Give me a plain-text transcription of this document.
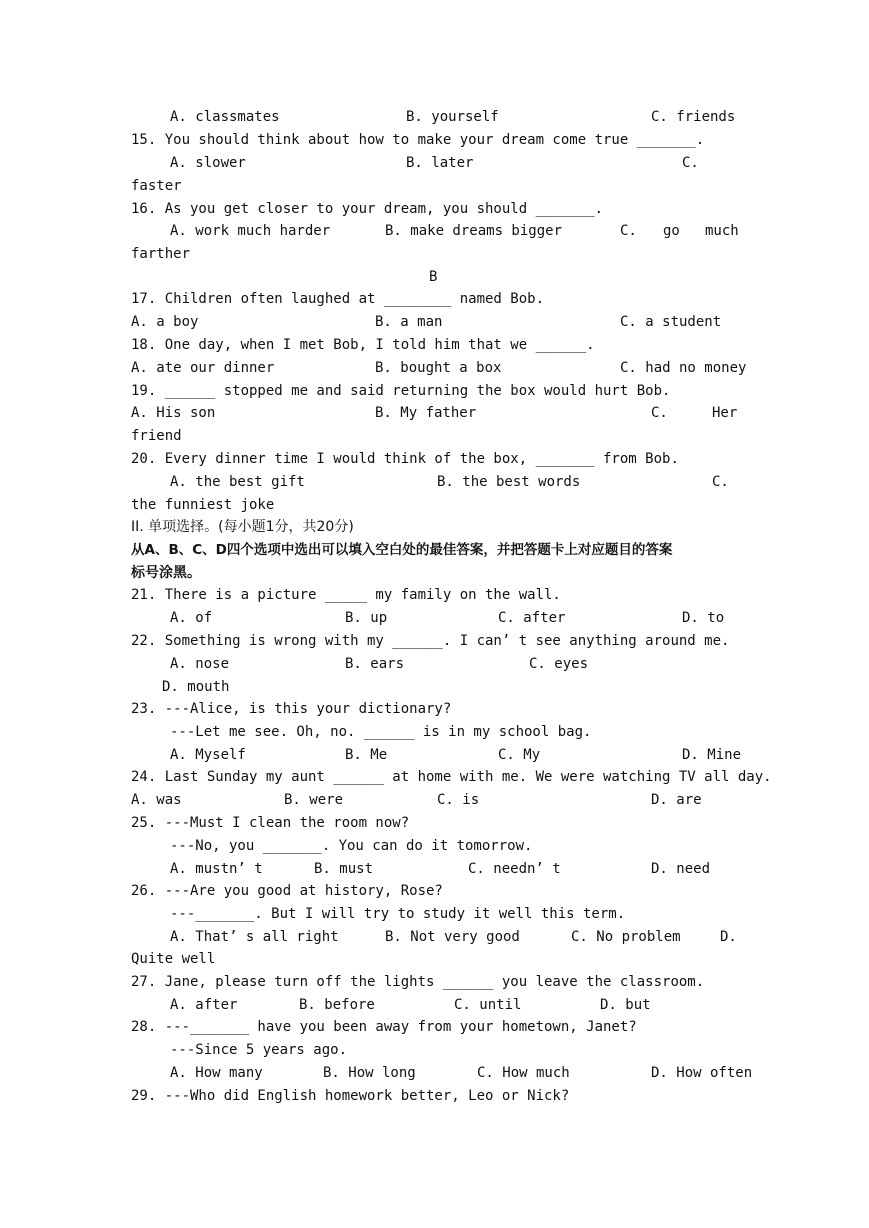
A. classmates	B. yourself	C. friends
15. You should think about how to make your dream come true _______.
A. slower	B. later	C.
faster
16. As you get closer to your dream, you should _______.
A. work much harder	B. make dreams bigger	C. go much
farther
B
17. Children often laughed at ________ named Bob.
A. a boy	B. a man	C. a student
18. One day, when I met Bob, I told him that we ______.
A. ate our dinner	B. bought a box	C. had no money
19. ______ stopped me and said returning the box would hurt Bob.
A. His son	B. My father	C.	Her
friend
20. Every dinner time I would think of the box, _______ from Bob.
A. the best gift	B. the best words	C.
the funniest joke
II. 单项选择。(每小题1分，共20分)
从A、B、C、D四个选项中选出可以填入空白处的最佳答案，并把答题卡上对应题目的答案
标号涂黑。
21. There is a picture _____ my family on the wall.
A. of	B. up	C. after	D. to
22. Something is wrong with my ______. I can’ t see anything around me.
A. nose	B. ears	C. eyes
D. mouth
23. ---Alice, is this your dictionary?
---Let me see. Oh, no. ______ is in my school bag.
A. Myself	B. Me	C. My	D. Mine
24. Last Sunday my aunt ______ at home with me. We were watching TV all day.
A. was	B. were	C. is	D. are
25. ---Must I clean the room now?
---No, you _______. You can do it tomorrow.
A. mustn’ t	B. must	C. needn’ t	D. need
26. ---Are you good at history, Rose?
---_______. But I will try to study it well this term.
A. That’ s all right	B. Not very good	C. No problem	D.
Quite well
27. Jane, please turn off the lights ______ you leave the classroom.
A. after	B. before	C. until	D. but
28. ---_______ have you been away from your hometown, Janet?
---Since 5 years ago.
A. How many	B. How long	C. How much	D. How often
29. ---Who did English homework better, Leo or Nick?
